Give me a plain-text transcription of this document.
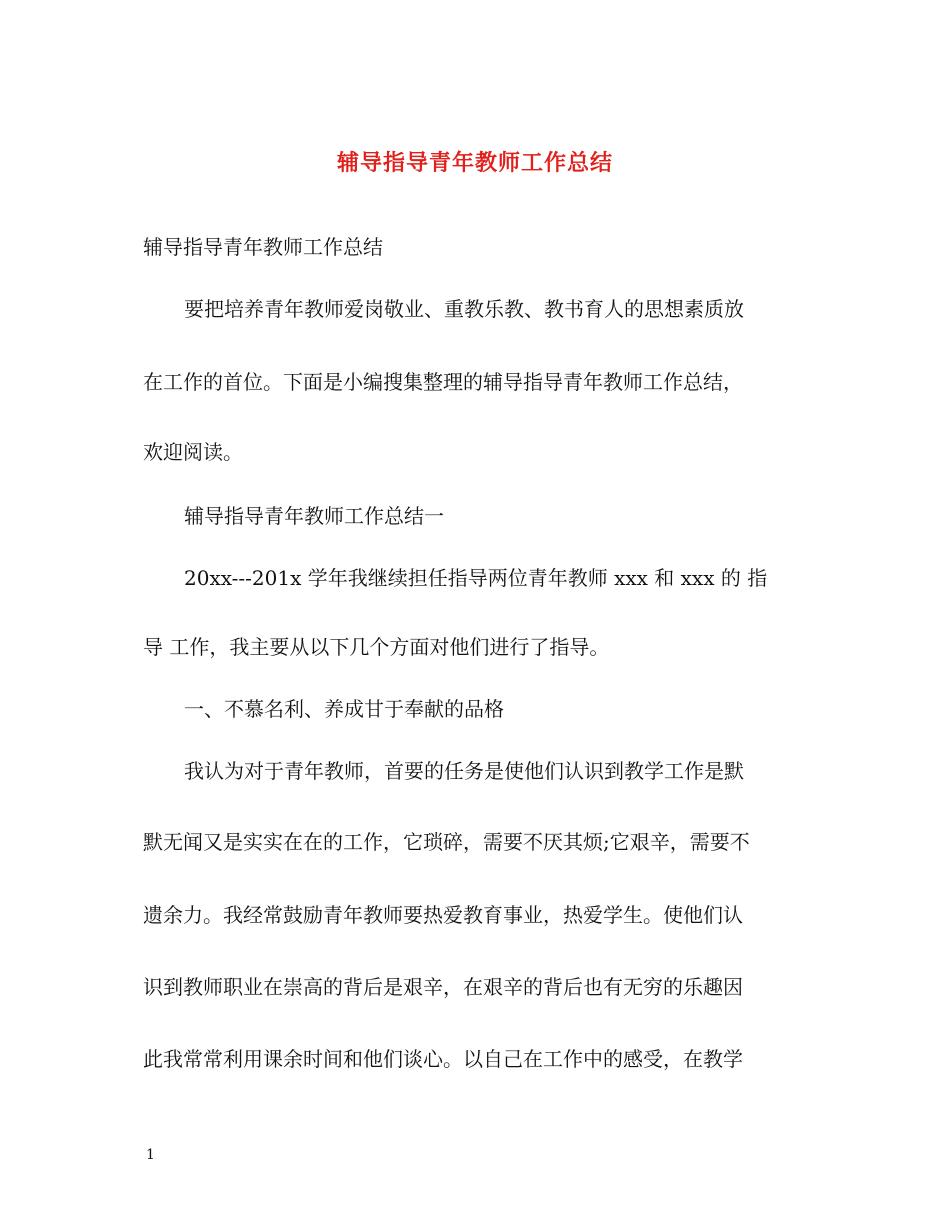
辅导指导青年教师工作总结
辅导指导青年教师工作总结
要把培养青年教师爱岗敬业、重教乐教、教书育人的思想素质放
在工作的首位。下面是小编搜集整理的辅导指导青年教师工作总结，
欢迎阅读。
辅导指导青年教师工作总结一
20xx---201x 学年我继续担任指导两位青年教师 xxx 和 xxx 的 指
导 工作，我主要从以下几个方面对他们进行了指导。
一、不慕名利、养成甘于奉献的品格
我认为对于青年教师，首要的任务是使他们认识到教学工作是默
默无闻又是实实在在的工作，它琐碎，需要不厌其烦;它艰辛，需要不
遗余力。我经常鼓励青年教师要热爱教育事业，热爱学生。使他们认
识到教师职业在崇高的背后是艰辛，在艰辛的背后也有无穷的乐趣因
此我常常利用课余时间和他们谈心。以自己在工作中的感受，在教学
1
